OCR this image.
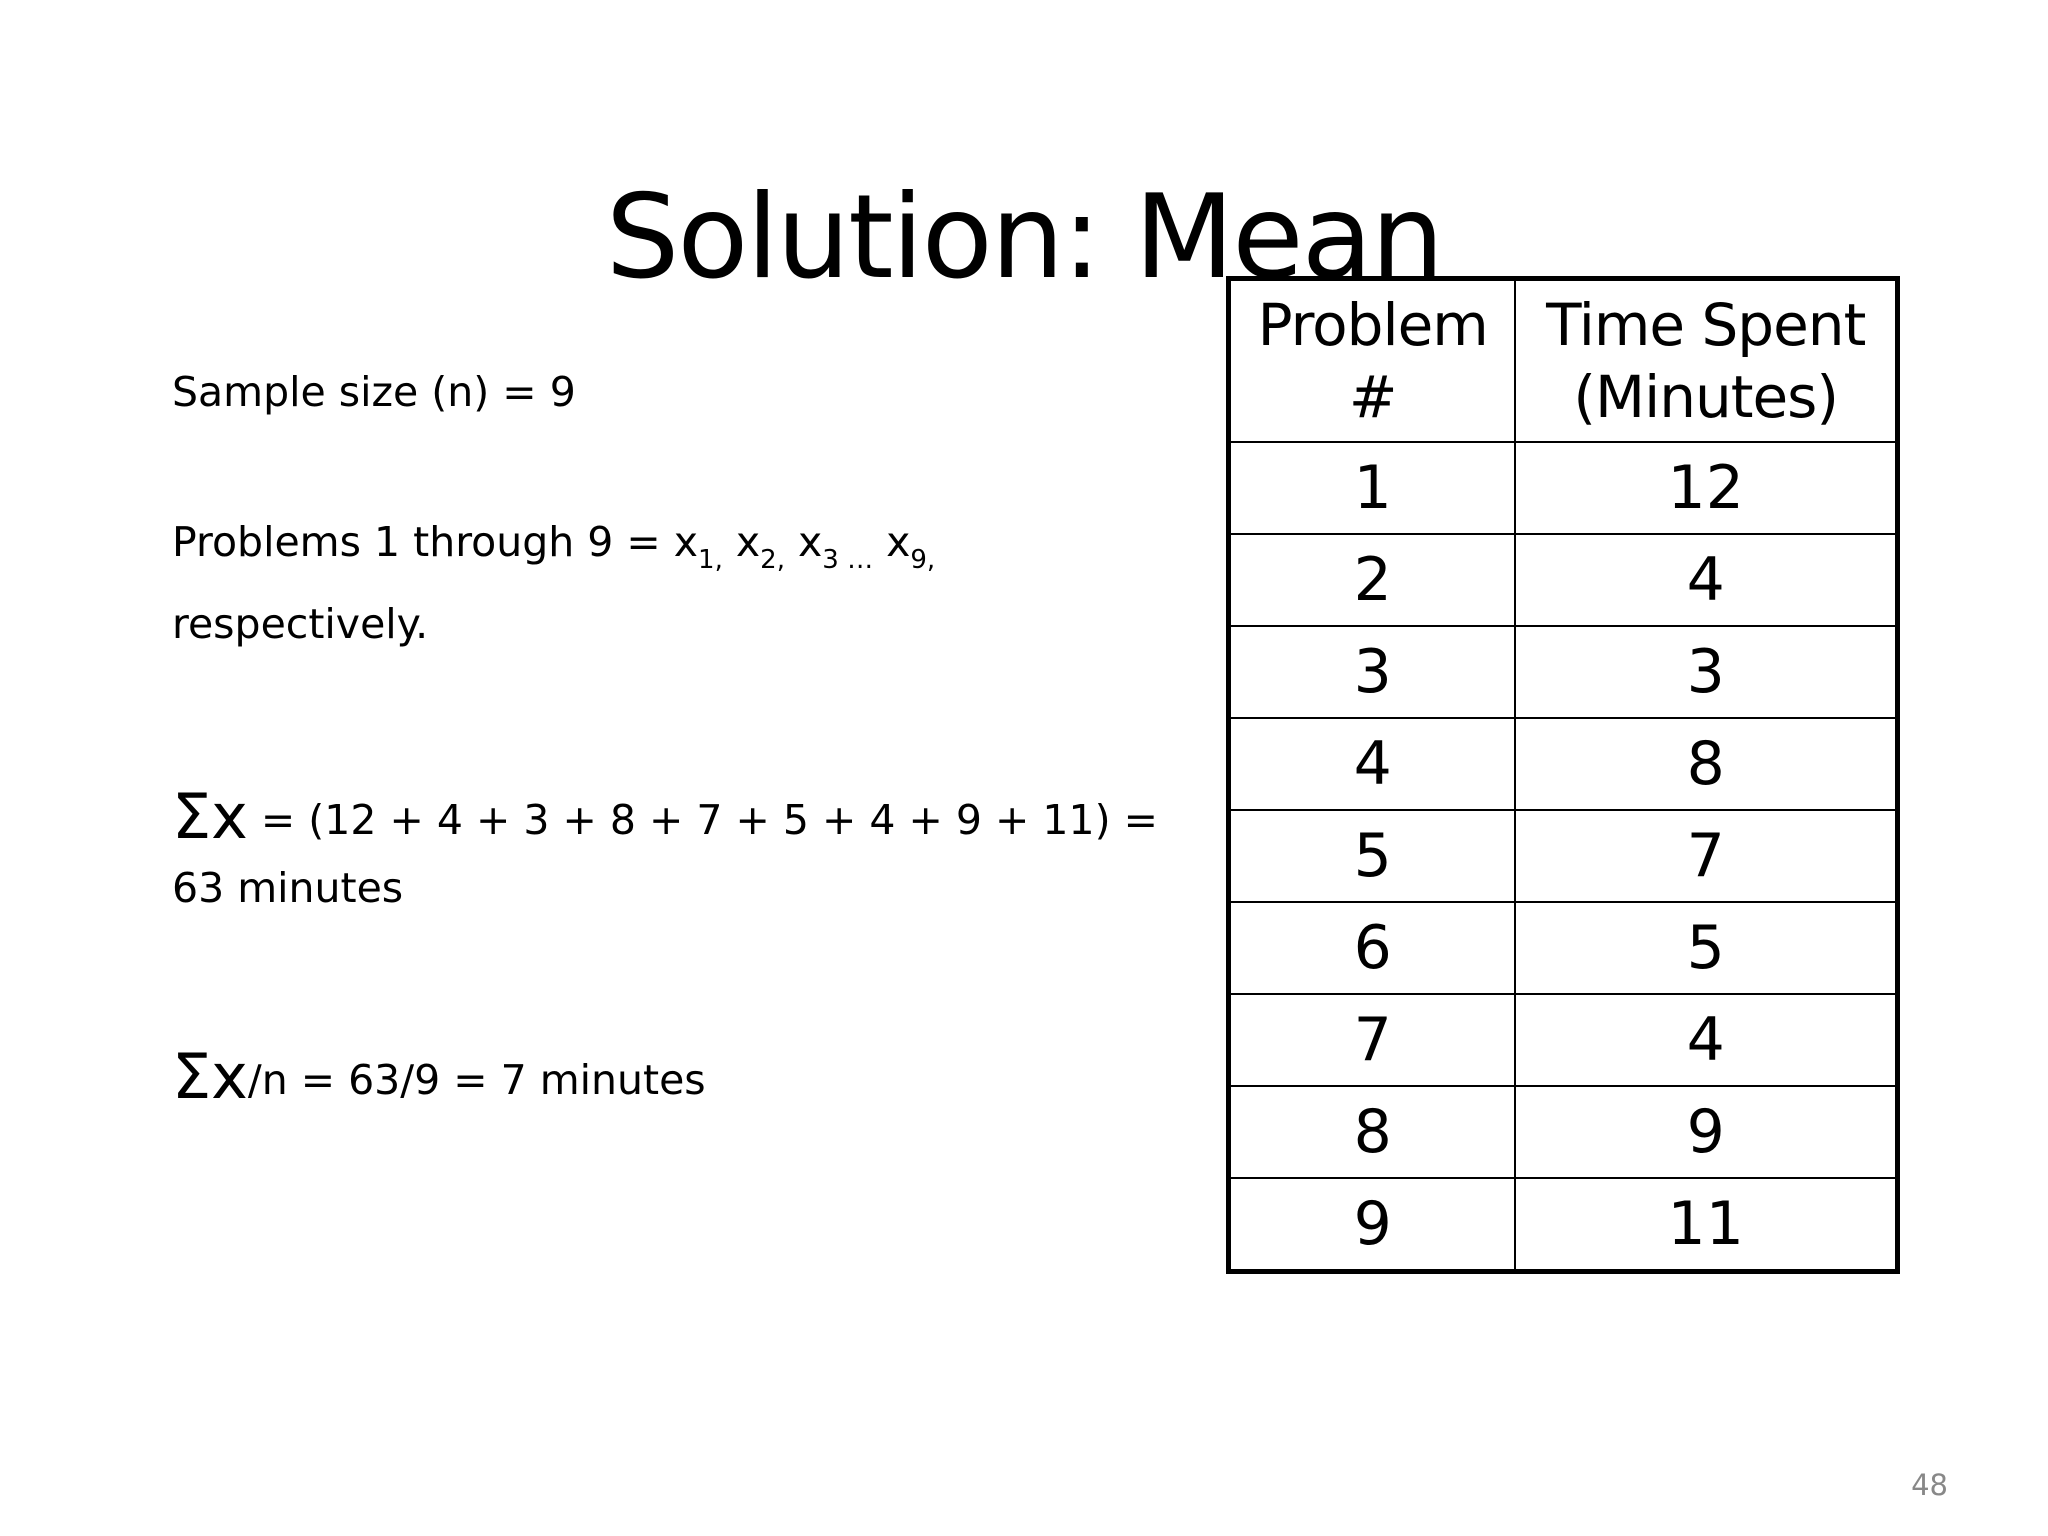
Solution: Mean
Sample size (n) = 9
Problems 1 through $9 = x_{1,}$ $x_{2,}$ $x_{3 \dots}$ $x_{9,}$
respectively.
Σx = (12 + 4 + 3 + 8 + 7 + 5 + 4 + 9 + 11) =
63 minutes
Σx/n = 63/9 = 7 minutes
Problem
#	Time Spent
(Minutes)
1	12
2	4
3	3
4	8
5	7
6	5
7	4
8	9
9	11
48
